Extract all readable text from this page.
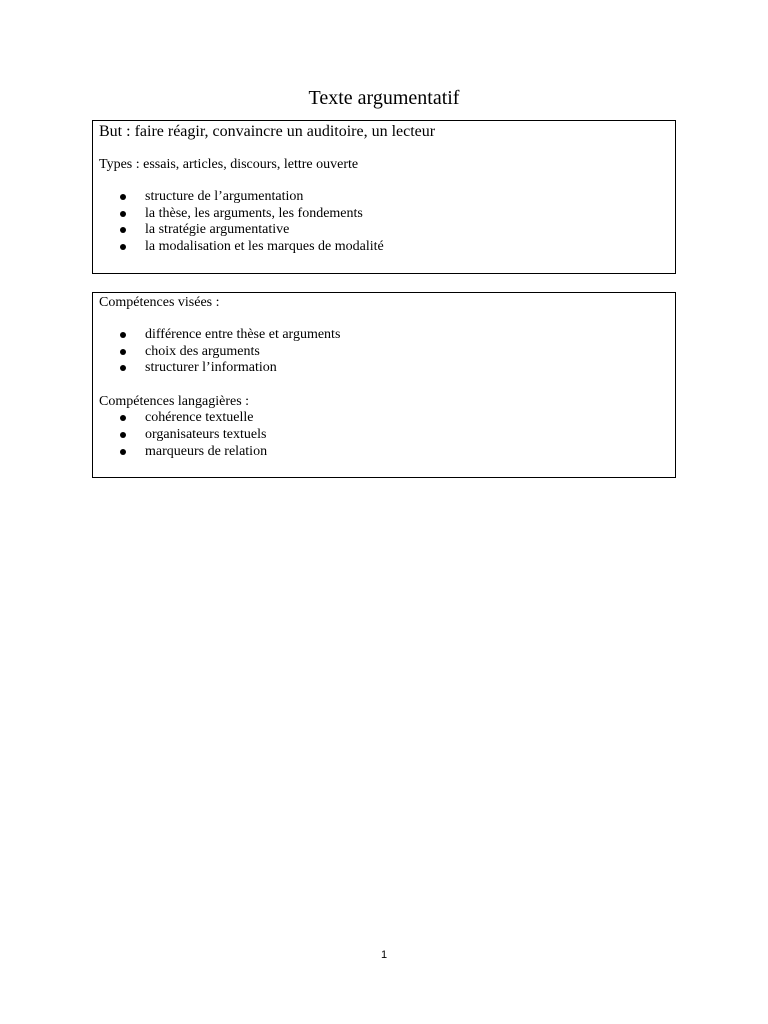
Texte argumentatif

But : faire réagir, convaincre un auditoire, un lecteur

Types : essais, articles, discours, lettre ouverte

structure de l’argumentation
la thèse, les arguments, les fondements
la stratégie argumentative
la modalisation et les marques de modalité

Compétences visées :

différence entre thèse et arguments
choix des arguments
structurer l’information

Compétences langagières :

cohérence textuelle
organisateurs textuels
marqueurs de relation
1
